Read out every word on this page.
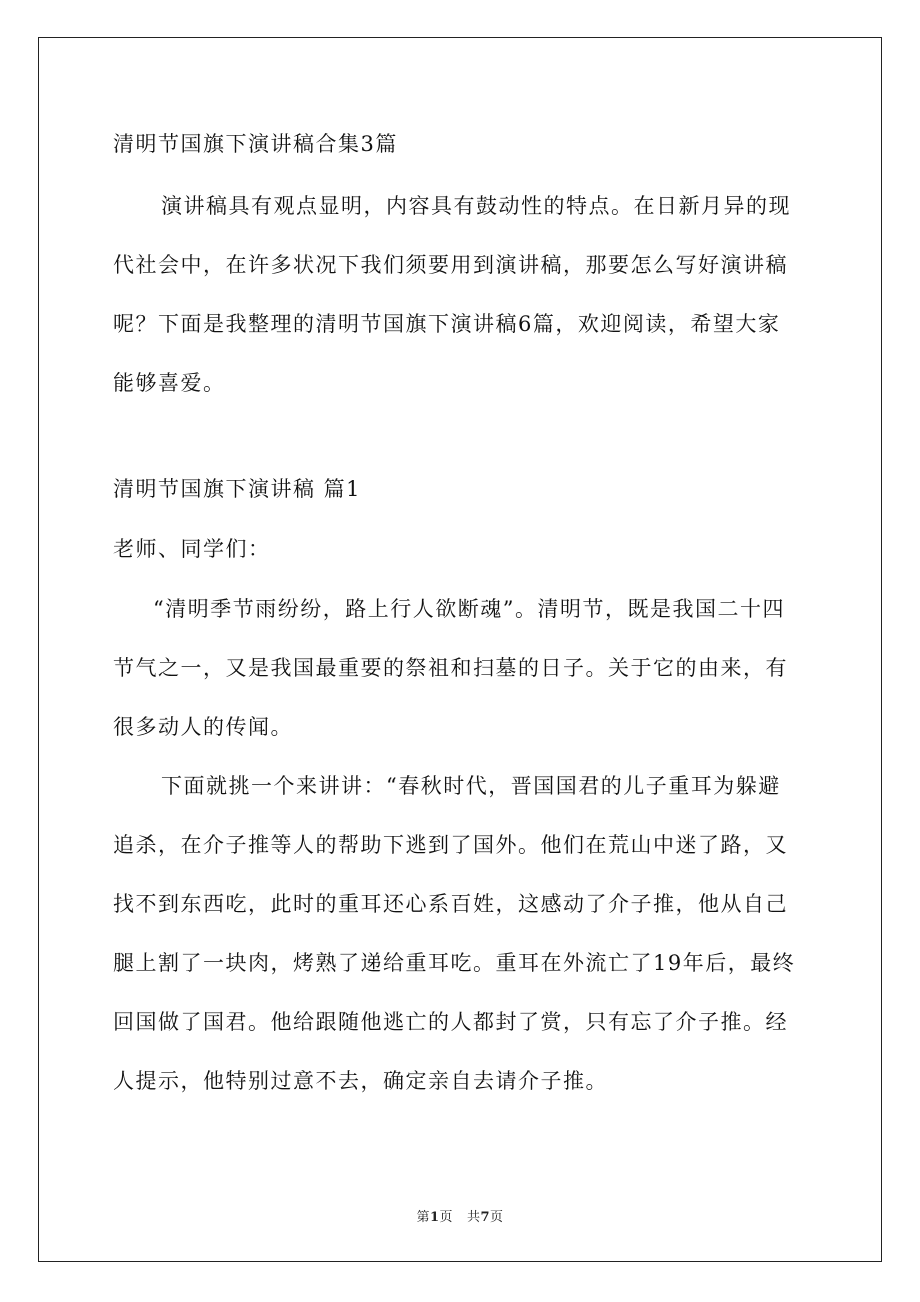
清明节国旗下演讲稿合集3篇

演讲稿具有观点显明，内容具有鼓动性的特点。在日新月异的现

代社会中，在许多状况下我们须要用到演讲稿，那要怎么写好演讲稿

呢？下面是我整理的清明节国旗下演讲稿6篇，欢迎阅读，希望大家

能够喜爱。

清明节国旗下演讲稿 篇1

老师、同学们：

“清明季节雨纷纷，路上行人欲断魂”。清明节，既是我国二十四

节气之一，又是我国最重要的祭祖和扫墓的日子。关于它的由来，有

很多动人的传闻。

下面就挑一个来讲讲：“春秋时代，晋国国君的儿子重耳为躲避

追杀，在介子推等人的帮助下逃到了国外。他们在荒山中迷了路，又

找不到东西吃，此时的重耳还心系百姓，这感动了介子推，他从自己

腿上割了一块肉，烤熟了递给重耳吃。重耳在外流亡了19年后，最终

回国做了国君。他给跟随他逃亡的人都封了赏，只有忘了介子推。经

人提示，他特别过意不去，确定亲自去请介子推。

第1页 共7页
